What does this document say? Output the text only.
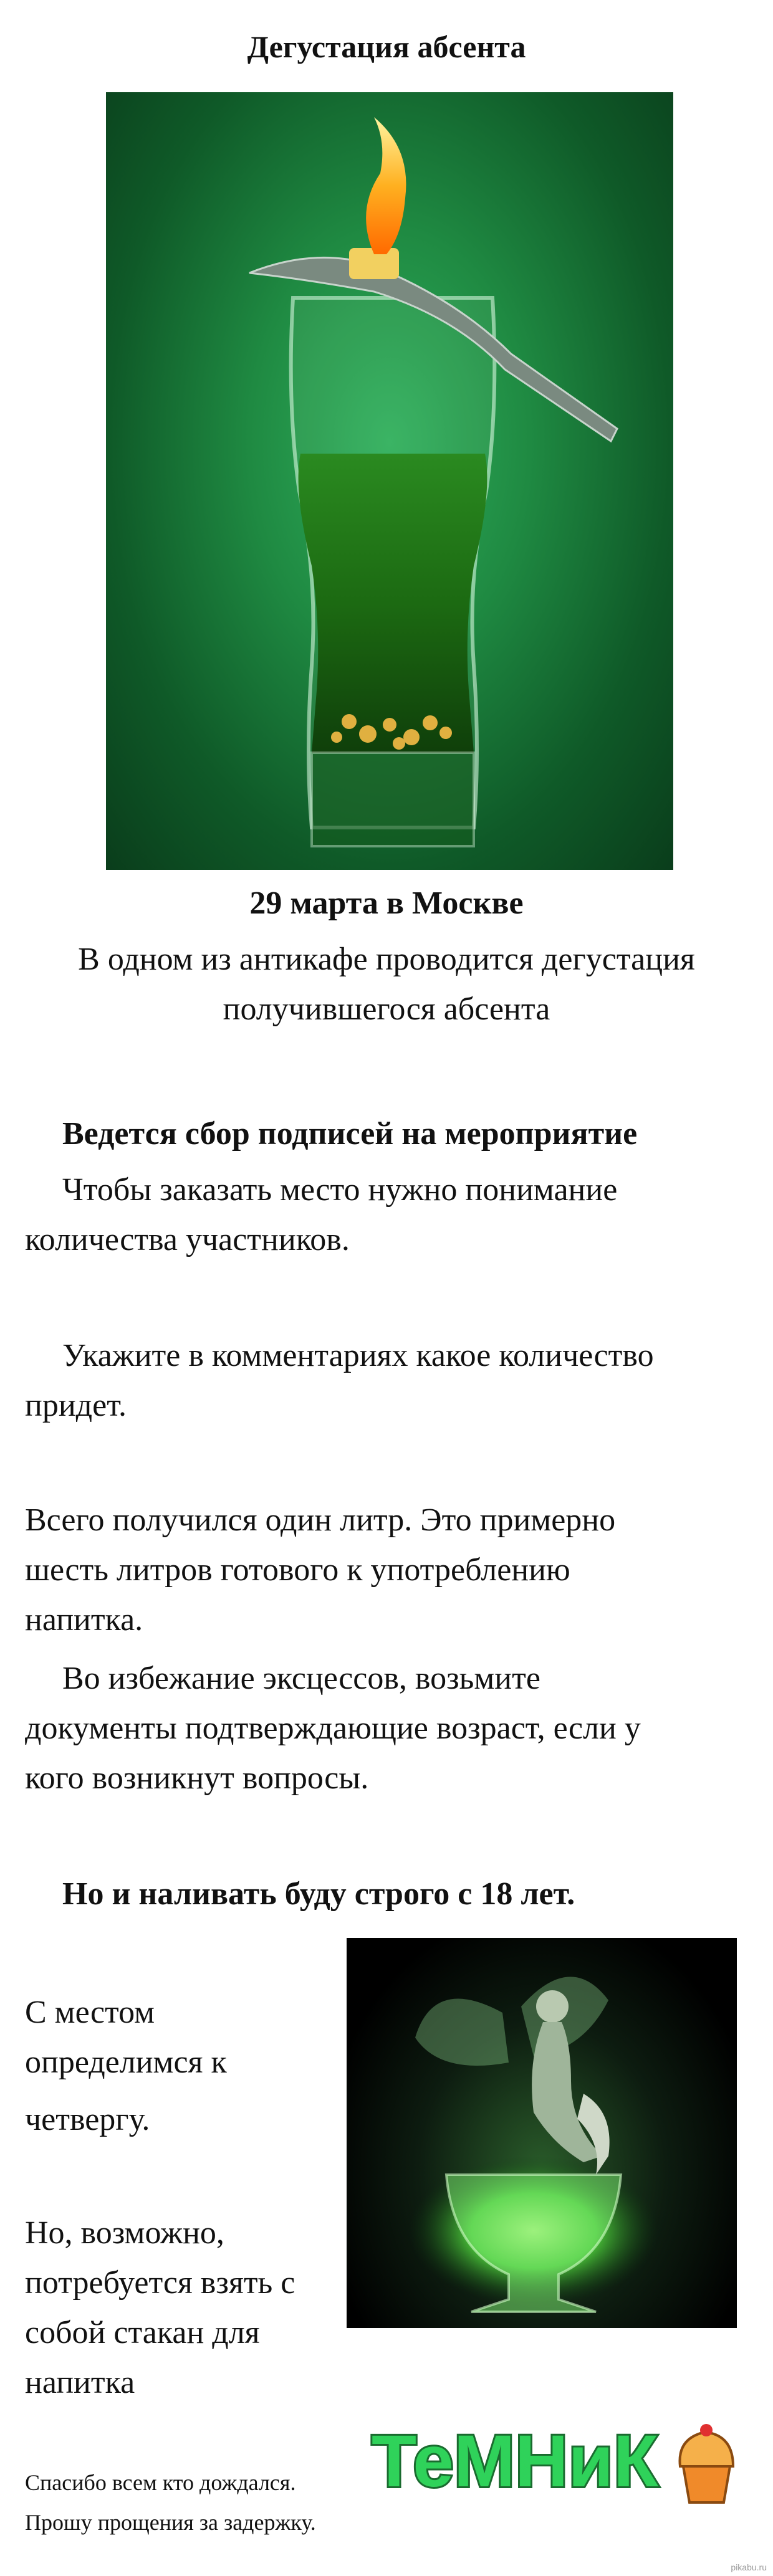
Дегустация абсента
29 марта в Москве
В одном из антикафе проводится дегустация
получившегося абсента
Ведется сбор подписей на мероприятие
Чтобы заказать место нужно понимание
количества участников.
Укажите в комментариях какое количество
придет.
Всего получился один литр. Это примерно
шесть литров готового к употреблению
напитка.
Во избежание эксцессов, возьмите
документы подтверждающие возраст, если у
кого возникнут вопросы.
Но и наливать буду строго с 18 лет.
С местом
определимся к
четвергу.
Но, возможно,
потребуется взять с
собой стакан для
напитка
Спасибо всем кто дождался.
Прошу прощения за задержку.
ТеМНиК
pikabu.ru
